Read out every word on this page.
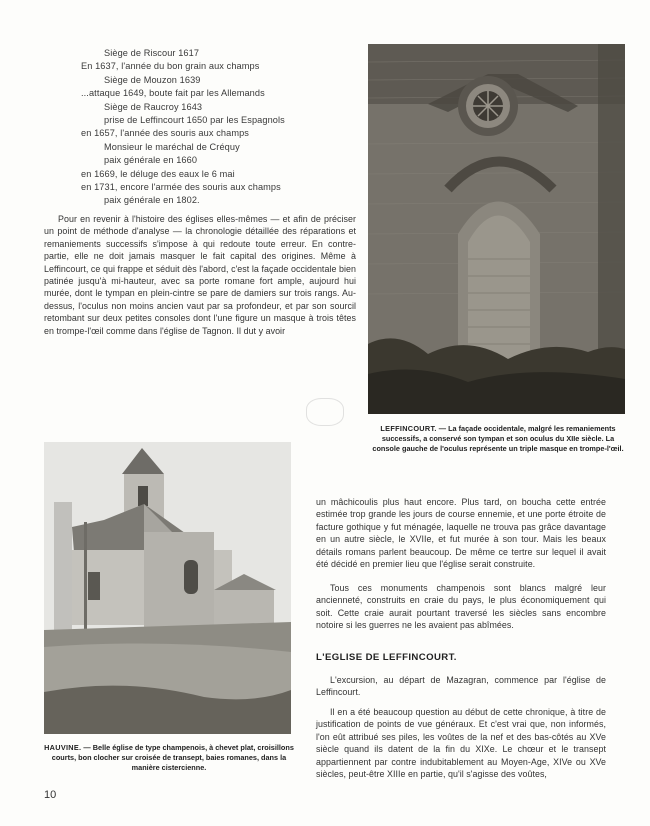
Siège de Riscour 1617
En 1637, l'année du bon grain aux champs
Siège de Mouzon 1639
...attaque 1649, boute fait par les Allemands
Siège de Raucroy 1643
prise de Leffincourt 1650 par les Espagnols
en 1657, l'année des souris aux champs
Monsieur le maréchal de Créquy
paix générale en 1660
en 1669, le déluge des eaux le 6 mai
en 1731, encore l'armée des souris aux champs
paix générale en 1802.

Pour en revenir à l'histoire des églises elles-mêmes — et afin de préciser un point de méthode d'analyse — la chronologie détaillée des réparations et remaniements successifs s'impose à qui redoute toute erreur. En contre-partie, elle ne doit jamais masquer le fait capital des origines. Même à Leffincourt, ce qui frappe et séduit dès l'abord, c'est la façade occidentale bien patinée jusqu'à mi-hauteur, avec sa porte romane fort ample, aujourd hui murée, dont le tympan en plein-cintre se pare de damiers sur trois rangs. Au-dessus, l'oculus non moins ancien vaut par sa profondeur, et par son sourcil retombant sur deux petites consoles dont l'une figure un masque à trois têtes en trompe-l'œil comme dans l'église de Tagnon. Il dut y avoir

LEFFINCOURT. — La façade occidentale, malgré les remaniements successifs, a conservé son tympan et son oculus du XIIe siècle. La console gauche de l'oculus représente un triple masque en trompe-l'œil.
HAUVINE. — Belle église de type champenois, à chevet plat, croisillons courts, bon clocher sur croisée de transept, baies romanes, dans la manière cistercienne.

un mâchicoulis plus haut encore. Plus tard, on boucha cette entrée estimée trop grande les jours de course ennemie, et une porte étroite de facture gothique y fut ménagée, laquelle ne trouva pas grâce davantage en un autre siècle, le XVIIe, et fut murée à son tour. Mais les beaux détails romans parlent beaucoup. De même ce tertre sur lequel il avait été décidé en premier lieu que l'église serait construite.

Tous ces monuments champenois sont blancs malgré leur ancienneté, construits en craie du pays, le plus économiquement qui soit. Cette craie aurait pourtant traversé les siècles sans encombre notoire si les guerres ne les avaient pas abîmées.

L'EGLISE DE LEFFINCOURT.

L'excursion, au départ de Mazagran, commence par l'église de Leffincourt.

Il en a été beaucoup question au début de cette chronique, à titre de justification de points de vue généraux. Et c'est vrai que, non informés, l'on eût attribué ses piles, les voûtes de la nef et des bas-côtés au XVe siècle quand ils datent de la fin du XIXe. Le chœur et le transept appartiennent par contre indubitablement au Moyen-Age, XIVe ou XVe siècles, peut-être XIIIe en partie, qu'il s'agisse des voûtes,

10
